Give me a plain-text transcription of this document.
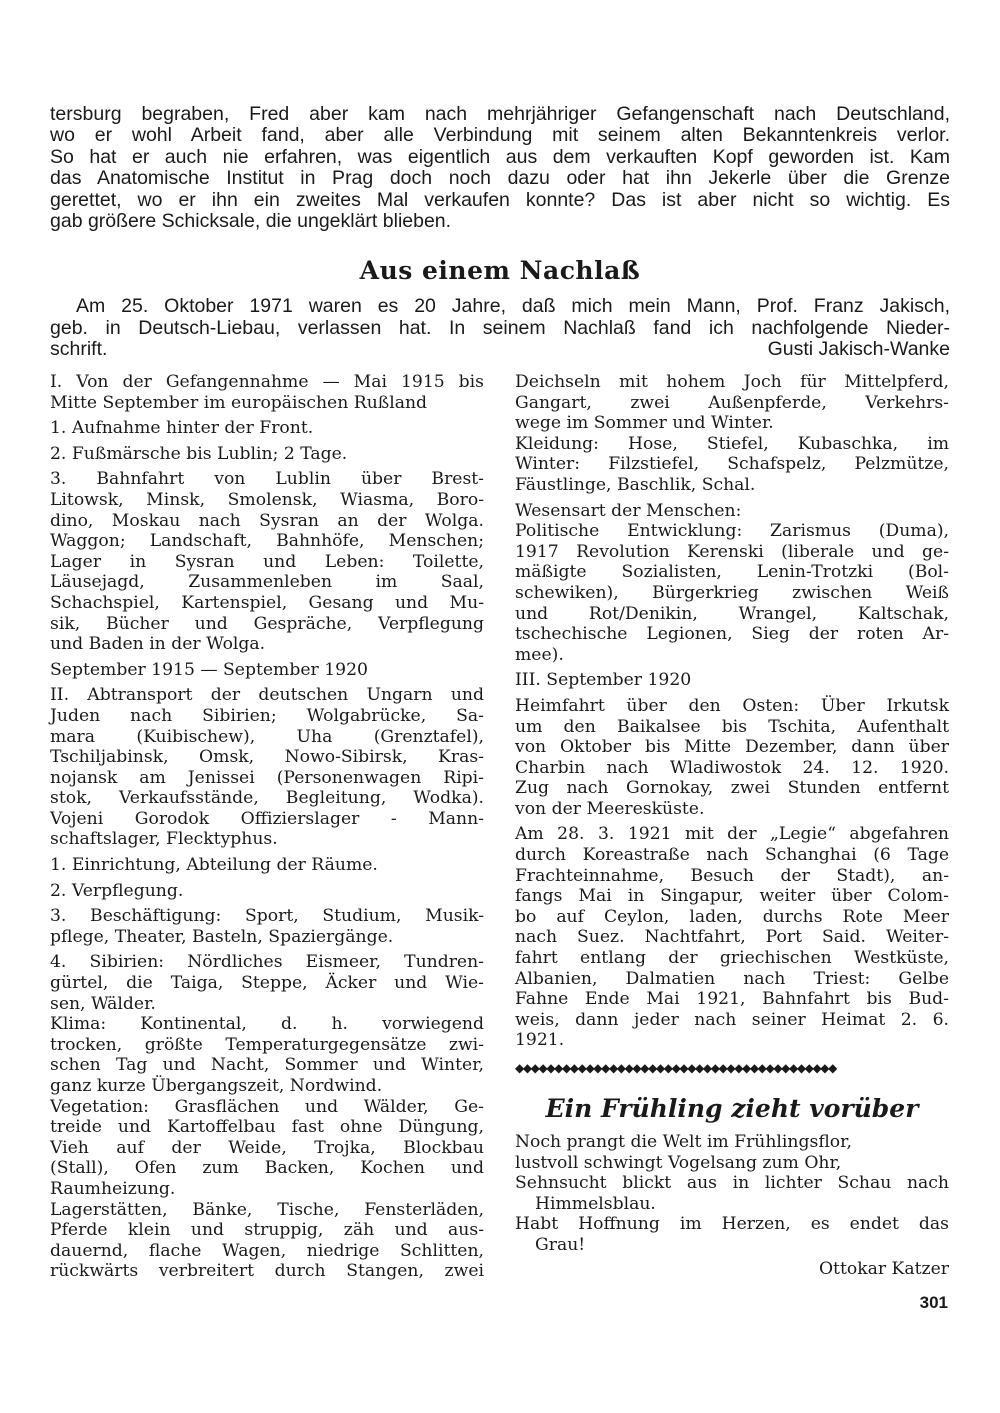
tersburg begraben, Fred aber kam nach mehrjähriger Gefangenschaft nach Deutschland,
wo er wohl Arbeit fand, aber alle Verbindung mit seinem alten Bekanntenkreis verlor.
So hat er auch nie erfahren, was eigentlich aus dem verkauften Kopf geworden ist. Kam
das Anatomische Institut in Prag doch noch dazu oder hat ihn Jekerle über die Grenze
gerettet, wo er ihn ein zweites Mal verkaufen konnte? Das ist aber nicht so wichtig. Es
gab größere Schicksale, die ungeklärt blieben.
Aus einem Nachlaß
Am 25. Oktober 1971 waren es 20 Jahre, daß mich mein Mann, Prof. Franz Jakisch,
geb. in Deutsch-Liebau, verlassen hat. In seinem Nachlaß fand ich nachfolgende Nieder-
schrift.	Gusti Jakisch-Wanke
I. Von der Gefangennahme — Mai 1915 bis
Mitte September im europäischen Rußland
1. Aufnahme hinter der Front.
2. Fußmärsche bis Lublin; 2 Tage.
3. Bahnfahrt von Lublin über Brest-
Litowsk, Minsk, Smolensk, Wiasma, Boro-
dino, Moskau nach Sysran an der Wolga.
Waggon; Landschaft, Bahnhöfe, Menschen;
Lager in Sysran und Leben: Toilette,
Läusejagd, Zusammenleben im Saal,
Schachspiel, Kartenspiel, Gesang und Mu-
sik, Bücher und Gespräche, Verpflegung
und Baden in der Wolga.
September 1915 — September 1920
II. Abtransport der deutschen Ungarn und
Juden nach Sibirien; Wolgabrücke, Sa-
mara (Kuibischew), Uha (Grenztafel),
Tschiljabinsk, Omsk, Nowo-Sibirsk, Kras-
nojansk am Jenissei (Personenwagen Ripi-
stok, Verkaufsstände, Begleitung, Wodka).
Vojeni Gorodok Offizierslager - Mann-
schaftslager, Flecktyphus.
1. Einrichtung, Abteilung der Räume.
2. Verpflegung.
3. Beschäftigung: Sport, Studium, Musik-
pflege, Theater, Basteln, Spaziergänge.
4. Sibirien: Nördliches Eismeer, Tundren-
gürtel, die Taiga, Steppe, Äcker und Wie-
sen, Wälder.
Klima: Kontinental, d. h. vorwiegend
trocken, größte Temperaturgegensätze zwi-
schen Tag und Nacht, Sommer und Winter,
ganz kurze Übergangszeit, Nordwind.
Vegetation: Grasflächen und Wälder, Ge-
treide und Kartoffelbau fast ohne Düngung,
Vieh auf der Weide, Trojka, Blockbau
(Stall), Ofen zum Backen, Kochen und
Raumheizung.
Lagerstätten, Bänke, Tische, Fensterläden,
Pferde klein und struppig, zäh und aus-
dauernd, flache Wagen, niedrige Schlitten,
rückwärts verbreitert durch Stangen, zwei
Deichseln mit hohem Joch für Mittelpferd,
Gangart, zwei Außenpferde, Verkehrs-
wege im Sommer und Winter.
Kleidung: Hose, Stiefel, Kubaschka, im
Winter: Filzstiefel, Schafspelz, Pelzmütze,
Fäustlinge, Baschlik, Schal.
Wesensart der Menschen:
Politische Entwicklung: Zarismus (Duma),
1917 Revolution Kerenski (liberale und ge-
mäßigte Sozialisten, Lenin-Trotzki (Bol-
schewiken), Bürgerkrieg zwischen Weiß
und Rot/Denikin, Wrangel, Kaltschak,
tschechische Legionen, Sieg der roten Ar-
mee).
III. September 1920
Heimfahrt über den Osten: Über Irkutsk
um den Baikalsee bis Tschita, Aufenthalt
von Oktober bis Mitte Dezember, dann über
Charbin nach Wladiwostok 24. 12. 1920.
Zug nach Gornokay, zwei Stunden entfernt
von der Meeresküste.
Am 28. 3. 1921 mit der „Legie“ abgefahren
durch Koreastraße nach Schanghai (6 Tage
Frachteinnahme, Besuch der Stadt), an-
fangs Mai in Singapur, weiter über Colom-
bo auf Ceylon, laden, durchs Rote Meer
nach Suez. Nachtfahrt, Port Said. Weiter-
fahrt entlang der griechischen Westküste,
Albanien, Dalmatien nach Triest: Gelbe
Fahne Ende Mai 1921, Bahnfahrt bis Bud-
weis, dann jeder nach seiner Heimat 2. 6.
1921.
◆◆◆◆◆◆◆◆◆◆◆◆◆◆◆◆◆◆◆◆◆◆◆◆◆◆◆◆◆◆◆◆◆◆◆◆◆◆◆◆◆
Ein Frühling zieht vorüber
Noch prangt die Welt im Frühlingsflor,
lustvoll schwingt Vogelsang zum Ohr,
Sehnsucht blickt aus in lichter Schau nach
Himmelsblau.
Habt Hoffnung im Herzen, es endet das
Grau!
Ottokar Katzer
301
